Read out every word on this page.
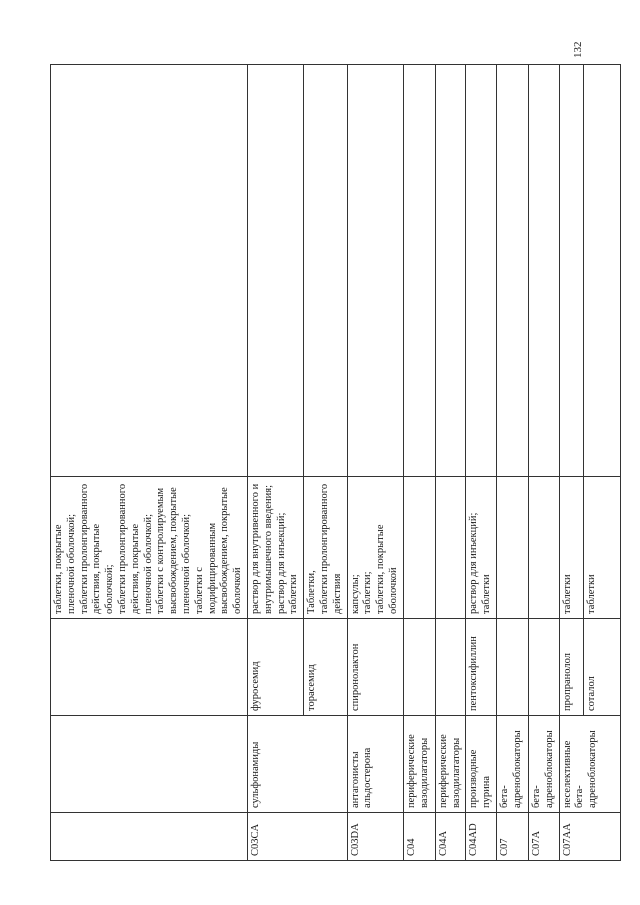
132

			таблетки, покрытые пленочной оболочкой; таблетки пролонгированного действия, покрытые оболочкой; таблетки пролонгированного действия, покрытые пленочной оболочкой; таблетки с контролируемым высвобождением, покрытые пленочной оболочкой; таблетки с модифицированным высвобождением, покрытые оболочкой	

C03CA	сульфонамиды	фуросемид	раствор для внутривенного и внутримышечного введения; раствор для инъекций; таблетки	

		торасемид	Таблетки, таблетки пролонгированного действия	

C03DA	антагонисты альдостерона	спиронолактон	капсулы; таблетки; таблетки, покрытые оболочкой	

C04	периферические вазодилататоры			
C04A	периферические вазодилататоры			
C04AD	производные пурина	пентоксифиллин	раствор для инъекций; таблетки	
C07	бета-адреноблокаторы			
C07A	бета-адреноблокаторы			
C07AA	неселективные бета-адреноблокаторы	пропранолол	таблетки	
		соталол	таблетки	
